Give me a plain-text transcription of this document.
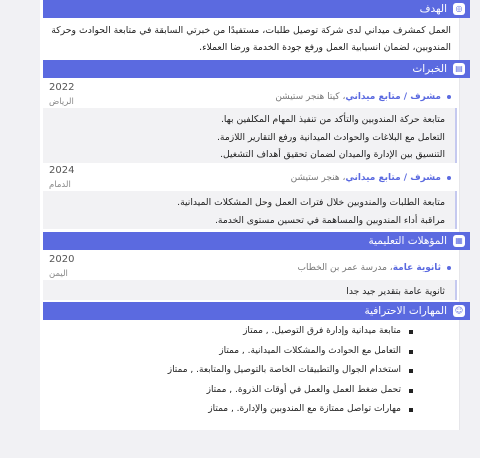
◎
الهدف
العمل كمشرف ميداني لدى شركة توصيل طلبات، مستفيدًا من خبرتي السابقة في متابعة الحوادث وحركة المندوبين، لضمان انسيابية العمل ورفع جودة الخدمة ورضا العملاء.
▤
الخبرات
2022
الرياض	مشرف / متابع ميداني، كيتا هنجر ستيشن
متابعة حركة المندوبين والتأكد من تنفيذ المهام المكلفين بها.
التعامل مع البلاغات والحوادث الميدانية ورفع التقارير اللازمة.
التنسيق بين الإدارة والميدان لضمان تحقيق أهداف التشغيل.
2024
الدمام
مشرف / متابع ميداني، هنجر ستيشن
متابعة الطلبات والمندوبين خلال فترات العمل وحل المشكلات الميدانية.
مراقبة أداء المندوبين والمساهمة في تحسين مستوى الخدمة.
▦
المؤهلات التعليمية
2020
اليمن
ثانوية عامة، مدرسة عمر بن الخطاب
ثانوية عامة بتقدير جيد جدا
☺
المهارات الاحترافية
متابعة ميدانية وإدارة فرق التوصيل. , ممتاز
التعامل مع الحوادث والمشكلات الميدانية. , ممتاز
استخدام الجوال والتطبيقات الخاصة بالتوصيل والمتابعة. , ممتاز
تحمل ضغط العمل والعمل في أوقات الذروة. , ممتاز
مهارات تواصل ممتازة مع المندوبين والإدارة. , ممتاز
